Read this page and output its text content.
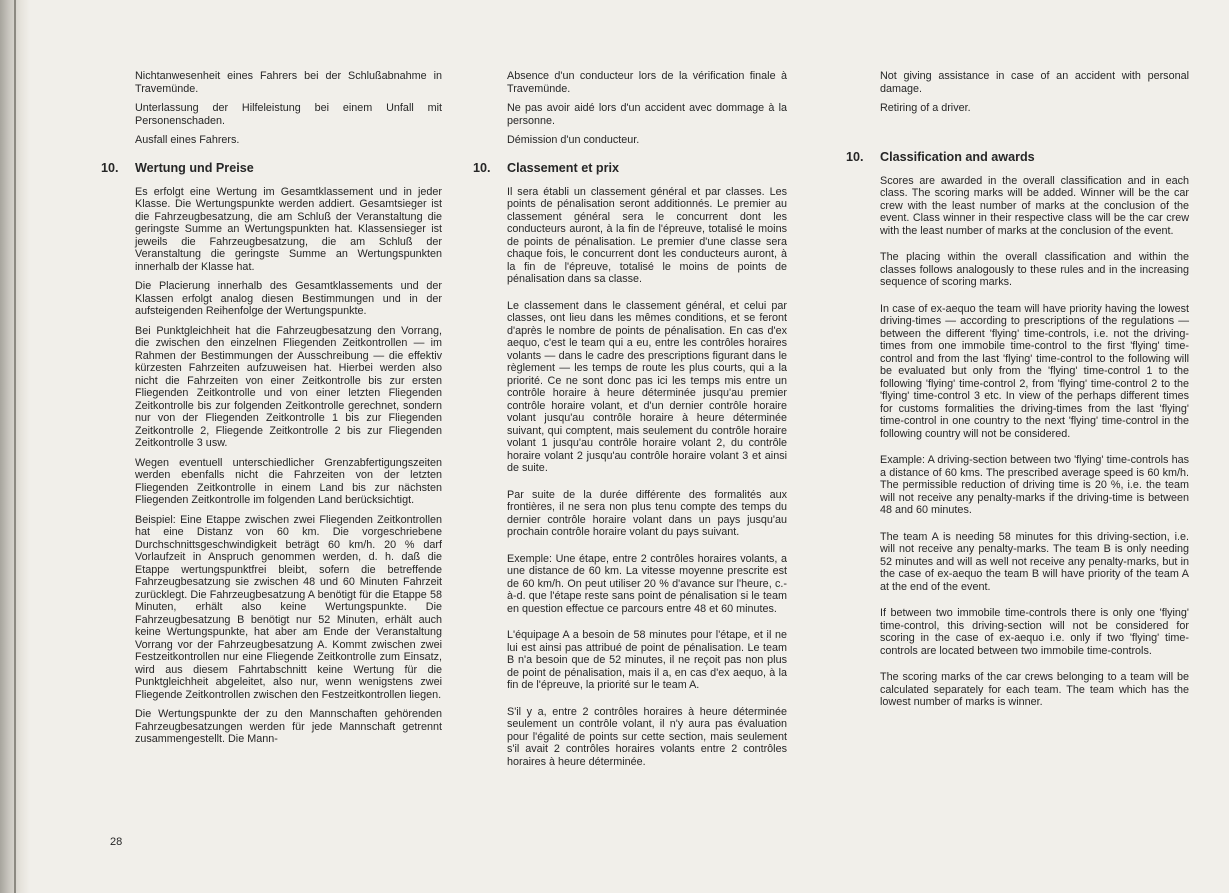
Nichtanwesenheit eines Fahrers bei der Schlußabnahme in Travemünde.

Unterlassung der Hilfeleistung bei einem Unfall mit Personenschaden.

Ausfall eines Fahrers.

10.	Wertung und Preise

Es erfolgt eine Wertung im Gesamtklassement und in jeder Klasse. Die Wertungspunkte werden addiert. Gesamtsieger ist die Fahrzeugbesatzung, die am Schluß der Veranstaltung die geringste Summe an Wertungspunkten hat. Klassensieger ist jeweils die Fahrzeugbesatzung, die am Schluß der Veranstaltung die geringste Summe an Wertungspunkten innerhalb der Klasse hat.

Die Placierung innerhalb des Gesamtklassements und der Klassen erfolgt analog diesen Bestimmungen und in der aufsteigenden Reihenfolge der Wertungspunkte.

Bei Punktgleichheit hat die Fahrzeugbesatzung den Vorrang, die zwischen den einzelnen Fliegenden Zeitkontrollen — im Rahmen der Bestimmungen der Ausschreibung — die effektiv kürzesten Fahrzeiten aufzuweisen hat. Hierbei werden also nicht die Fahrzeiten von einer Zeitkontrolle bis zur ersten Fliegenden Zeitkontrolle und von einer letzten Fliegenden Zeitkontrolle bis zur folgenden Zeitkontrolle gerechnet, sondern nur von der Fliegenden Zeitkontrolle 1 bis zur Fliegenden Zeitkontrolle 2, Fliegende Zeitkontrolle 2 bis zur Fliegenden Zeitkontrolle 3 usw.

Wegen eventuell unterschiedlicher Grenzabfertigungszeiten werden ebenfalls nicht die Fahrzeiten von der letzten Fliegenden Zeitkontrolle in einem Land bis zur nächsten Fliegenden Zeitkontrolle im folgenden Land berücksichtigt.

Beispiel: Eine Etappe zwischen zwei Fliegenden Zeitkontrollen hat eine Distanz von 60 km. Die vorgeschriebene Durchschnittsgeschwindigkeit beträgt 60 km/h. 20 % darf Vorlaufzeit in Anspruch genommen werden, d. h. daß die Etappe wertungspunktfrei bleibt, sofern die betreffende Fahrzeugbesatzung sie zwischen 48 und 60 Minuten Fahrzeit zurücklegt. Die Fahrzeugbesatzung A benötigt für die Etappe 58 Minuten, erhält also keine Wertungspunkte. Die Fahrzeugbesatzung B benötigt nur 52 Minuten, erhält auch keine Wertungspunkte, hat aber am Ende der Veranstaltung Vorrang vor der Fahrzeugbesatzung A. Kommt zwischen zwei Festzeitkontrollen nur eine Fliegende Zeitkontrolle zum Einsatz, wird aus diesem Fahrtabschnitt keine Wertung für die Punktgleichheit abgeleitet, also nur, wenn wenigstens zwei Fliegende Zeitkontrollen zwischen den Festzeitkontrollen liegen.

Die Wertungspunkte der zu den Mannschaften gehörenden Fahrzeugbesatzungen werden für jede Mannschaft getrennt zusammengestellt. Die Mann-

Absence d'un conducteur lors de la vérification finale à Travemünde.

Ne pas avoir aidé lors d'un accident avec dommage à la personne.

Démission d'un conducteur.

10.	Classement et prix

Il sera établi un classement général et par classes. Les points de pénalisation seront additionnés. Le premier au classement général sera le concurrent dont les conducteurs auront, à la fin de l'épreuve, totalisé le moins de points de pénalisation. Le premier d'une classe sera chaque fois, le concurrent dont les conducteurs auront, à la fin de l'épreuve, totalisé le moins de points de pénalisation dans sa classe.

Le classement dans le classement général, et celui par classes, ont lieu dans les mêmes conditions, et se feront d'après le nombre de points de pénalisation. En cas d'ex aequo, c'est le team qui a eu, entre les contrôles horaires volants — dans le cadre des prescriptions figurant dans le règlement — les temps de route les plus courts, qui a la priorité. Ce ne sont donc pas ici les temps mis entre un contrôle horaire à heure déterminée jusqu'au premier contrôle horaire volant, et d'un dernier contrôle horaire volant jusqu'au contrôle horaire à heure déterminée suivant, qui comptent, mais seulement du contrôle horaire volant 1 jusqu'au contrôle horaire volant 2, du contrôle horaire volant 2 jusqu'au contrôle horaire volant 3 et ainsi de suite.

Par suite de la durée différente des formalités aux frontières, il ne sera non plus tenu compte des temps du dernier contrôle horaire volant dans un pays jusqu'au prochain contrôle horaire volant du pays suivant.

Exemple: Une étape, entre 2 contrôles horaires volants, a une distance de 60 km. La vitesse moyenne prescrite est de 60 km/h. On peut utiliser 20 % d'avance sur l'heure, c.-à-d. que l'étape reste sans point de pénalisation si le team en question effectue ce parcours entre 48 et 60 minutes.

L'équipage A a besoin de 58 minutes pour l'étape, et il ne lui est ainsi pas attribué de point de pénalisation. Le team B n'a besoin que de 52 minutes, il ne reçoit pas non plus de point de pénalisation, mais il a, en cas d'ex aequo, à la fin de l'épreuve, la priorité sur le team A.

S'il y a, entre 2 contrôles horaires à heure déterminée seulement un contrôle volant, il n'y aura pas évaluation pour l'égalité de points sur cette section, mais seulement s'il avait 2 contrôles horaires volants entre 2 contrôles horaires à heure déterminée.

Not giving assistance in case of an accident with personal damage.

Retiring of a driver.

10.	Classification and awards

Scores are awarded in the overall classification and in each class. The scoring marks will be added. Winner will be the car crew with the least number of marks at the conclusion of the event. Class winner in their respective class will be the car crew with the least number of marks at the conclusion of the event.

The placing within the overall classification and within the classes follows analogously to these rules and in the increasing sequence of scoring marks.

In case of ex-aequo the team will have priority having the lowest driving-times — according to prescriptions of the regulations — between the different 'flying' time-controls, i.e. not the driving-times from one immobile time-control to the first 'flying' time-control and from the last 'flying' time-control to the following will be evaluated but only from the 'flying' time-control 1 to the following 'flying' time-control 2, from 'flying' time-control 2 to the 'flying' time-control 3 etc. In view of the perhaps different times for customs formalities the driving-times from the last 'flying' time-control in one country to the next 'flying' time-control in the following country will not be considered.

Example: A driving-section between two 'flying' time-controls has a distance of 60 kms. The prescribed average speed is 60 km/h. The permissible reduction of driving time is 20 %, i.e. the team will not receive any penalty-marks if the driving-time is between 48 and 60 minutes.

The team A is needing 58 minutes for this driving-section, i.e. will not receive any penalty-marks. The team B is only needing 52 minutes and will as well not receive any penalty-marks, but in the case of ex-aequo the team B will have priority of the team A at the end of the event.

If between two immobile time-controls there is only one 'flying' time-control, this driving-section will not be considered for scoring in the case of ex-aequo i.e. only if two 'flying' time-controls are located between two immobile time-controls.

The scoring marks of the car crews belonging to a team will be calculated separately for each team. The team which has the lowest number of marks is winner.

28
